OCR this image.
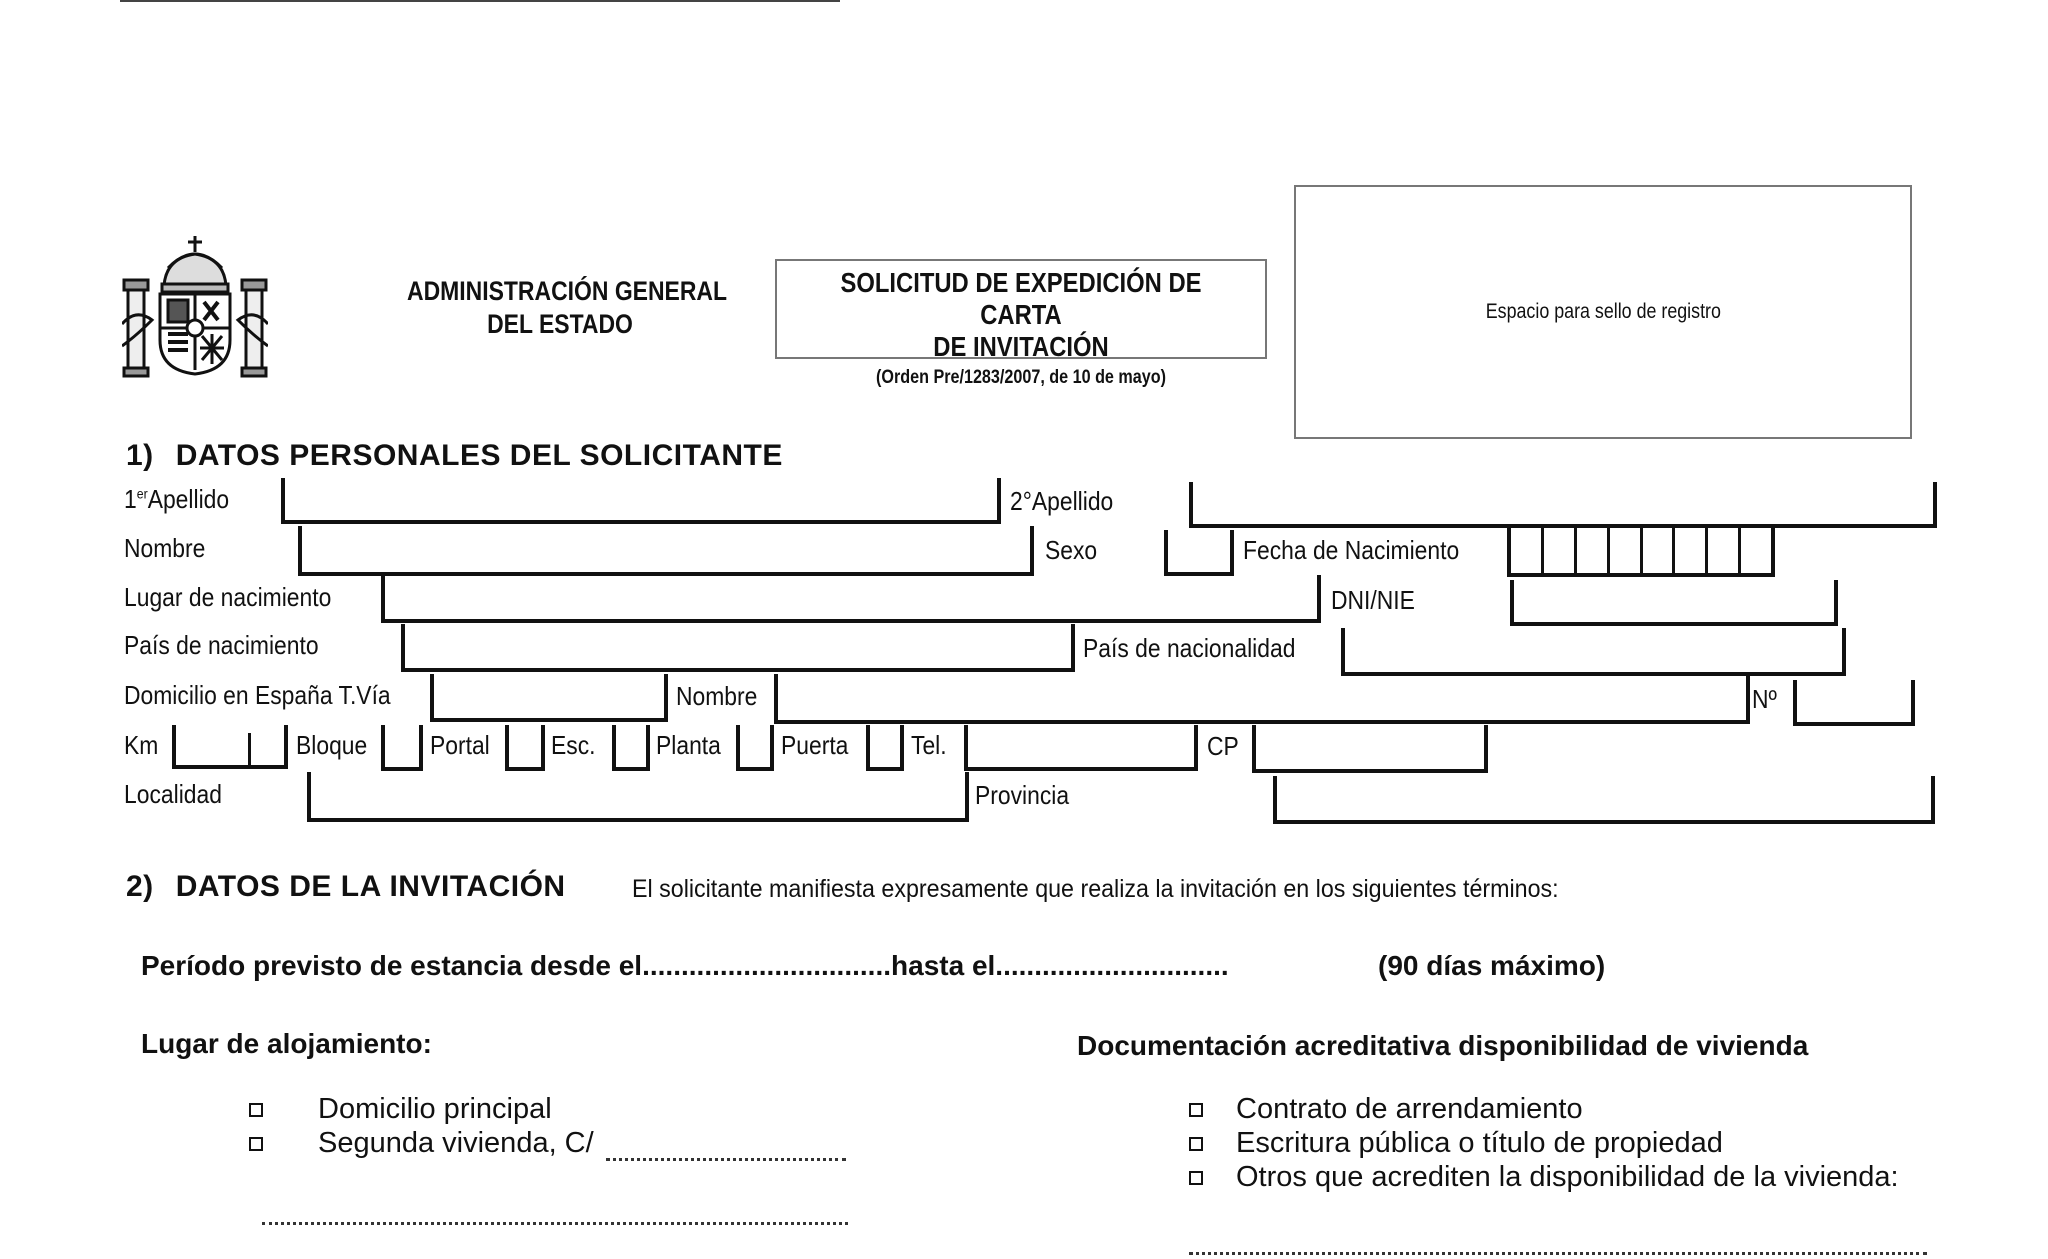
ADMINISTRACIÓN GENERAL
DEL ESTADO
SOLICITUD DE EXPEDICIÓN DE CARTA
DE INVITACIÓN
(Orden Pre/1283/2007, de 10 de mayo)
Espacio para sello de registro
1) DATOS PERSONALES DEL SOLICITANTE
1erApellido	2°Apellido
Nombre	Sexo	Fecha de Nacimiento
Lugar de nacimiento	DNI/NIE
País de nacimiento	País de nacionalidad
Domicilio en España T.Vía	Nombre	Nº
Km	Bloque Portal Esc. Planta Puerta Tel.	CP
Localidad	Provincia
2) DATOS DE LA INVITACIÓN	El solicitante manifiesta expresamente que realiza la invitación en los siguientes términos:
Período previsto de estancia desde el................................hasta el..............................	(90 días máximo)
Lugar de alojamiento:	Documentación acreditativa disponibilidad de vivienda
Domicilio principal
Segunda vivienda, C/
Contrato de arrendamiento
Escritura pública o título de propiedad
Otros que acrediten la disponibilidad de la vivienda:
